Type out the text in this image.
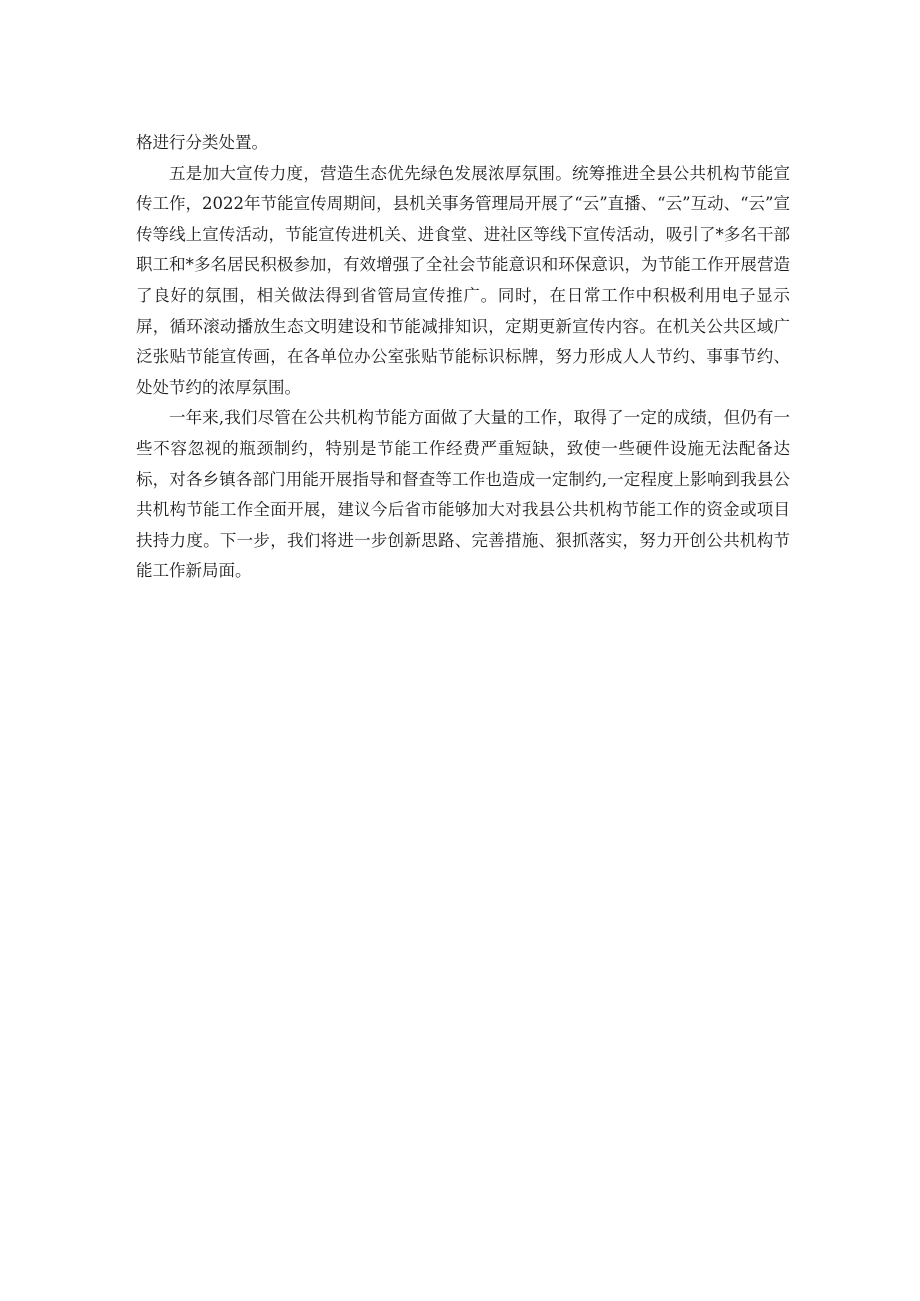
格进行分类处置。

五是加大宣传力度，营造生态优先绿色发展浓厚氛围。统筹推进全县公共机构节能宣传工作，2022年节能宣传周期间，县机关事务管理局开展了“云”直播、“云”互动、“云”宣传等线上宣传活动，节能宣传进机关、进食堂、进社区等线下宣传活动，吸引了*多名干部职工和*多名居民积极参加，有效增强了全社会节能意识和环保意识，为节能工作开展营造了良好的氛围，相关做法得到省管局宣传推广。同时，在日常工作中积极利用电子显示屏，循环滚动播放生态文明建设和节能减排知识，定期更新宣传内容。在机关公共区域广泛张贴节能宣传画，在各单位办公室张贴节能标识标牌，努力形成人人节约、事事节约、处处节约的浓厚氛围。

一年来,我们尽管在公共机构节能方面做了大量的工作，取得了一定的成绩，但仍有一些不容忽视的瓶颈制约，特别是节能工作经费严重短缺，致使一些硬件设施无法配备达标，对各乡镇各部门用能开展指导和督查等工作也造成一定制约,一定程度上影响到我县公共机构节能工作全面开展，建议今后省市能够加大对我县公共机构节能工作的资金或项目扶持力度。下一步，我们将进一步创新思路、完善措施、狠抓落实，努力开创公共机构节能工作新局面。
